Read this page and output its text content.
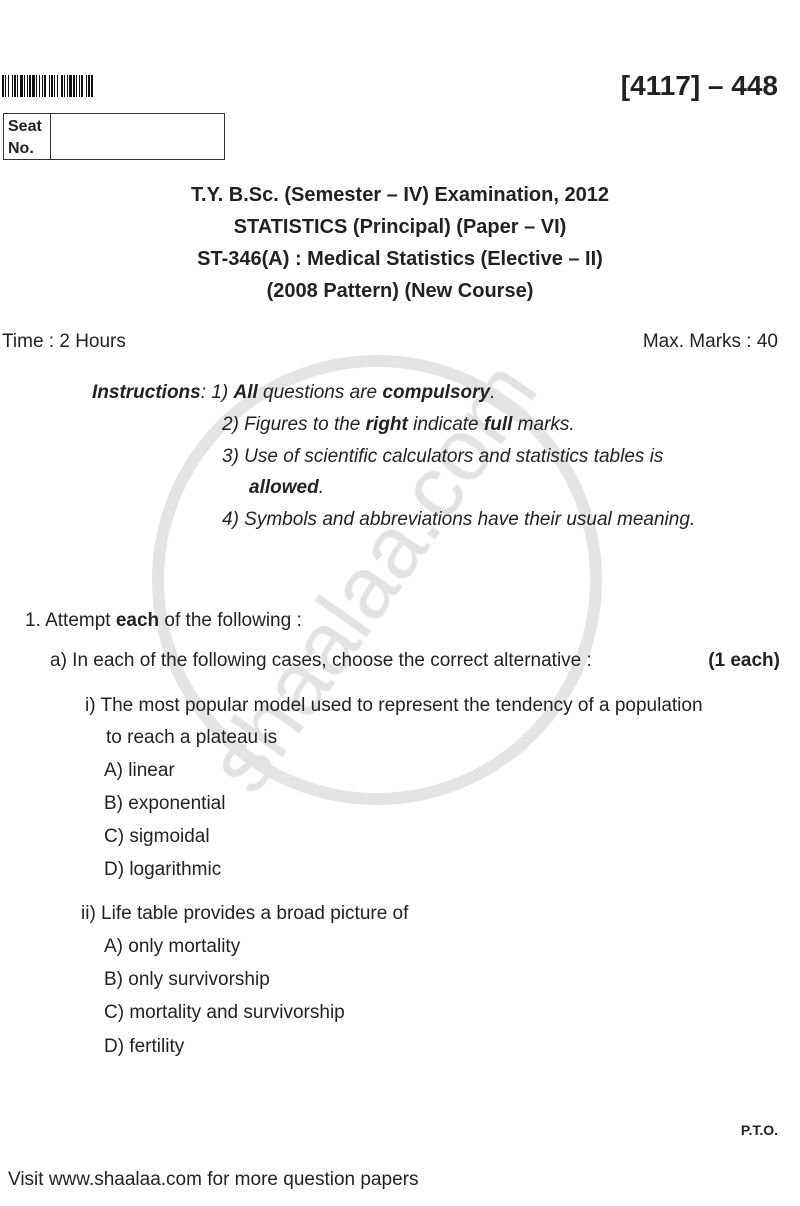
[4117] – 448
Seat No.
T.Y. B.Sc. (Semester – IV) Examination, 2012
STATISTICS (Principal) (Paper – VI)
ST-346(A) : Medical Statistics (Elective – II)
(2008 Pattern) (New Course)
Time : 2 Hours	Max. Marks : 40
Instructions: 1) All questions are compulsory.
2) Figures to the right indicate full marks.
3) Use of scientific calculators and statistics tables is
allowed.
4) Symbols and abbreviations have their usual meaning.
1. Attempt each of the following :
a) In each of the following cases, choose the correct alternative :	(1 each)
i) The most popular model used to represent the tendency of a population
to reach a plateau is
A) linear
B) exponential
C) sigmoidal
D) logarithmic
ii) Life table provides a broad picture of
A) only mortality
B) only survivorship
C) mortality and survivorship
D) fertility
P.T.O.
Visit www.shaalaa.com for more question papers
